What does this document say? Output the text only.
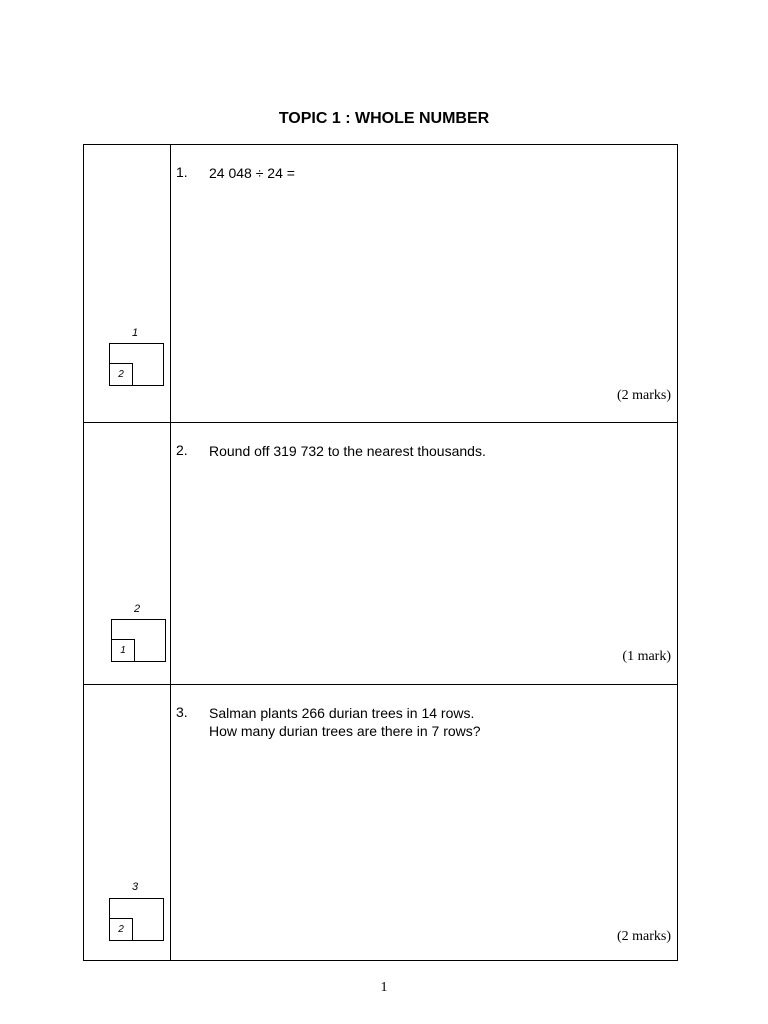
TOPIC 1 : WHOLE NUMBER
1
2
1. 24 048 ÷ 24 =
(2 marks)
2
1
2. Round off 319 732 to the nearest thousands.
(1 mark)
3
2
3. Salman plants 266 durian trees in 14 rows.
How many durian trees are there in 7 rows?
(2 marks)
1
